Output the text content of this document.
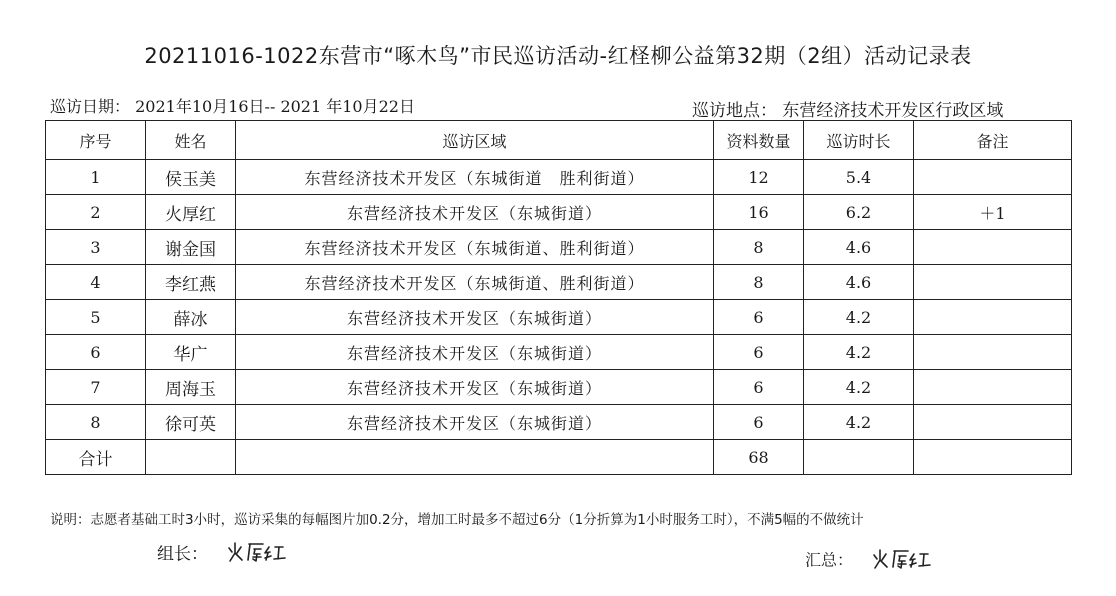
20211016-1022东营市“啄木鸟”市民巡访活动-红柽柳公益第32期（2组）活动记录表
巡访日期： 2021年10月16日-- 2021 年10月22日	巡访地点： 东营经济技术开发区行政区域
序号	姓名	巡访区域	资料数量	巡访时长	备注
1	侯玉美	东营经济技术开发区（东城街道　胜利街道）	12	5.4	
2	火厚红	东营经济技术开发区（东城街道）	16	6.2	＋1
3	谢金国	东营经济技术开发区（东城街道、胜利街道）	8	4.6	
4	李红燕	东营经济技术开发区（东城街道、胜利街道）	8	4.6	
5	薛冰	东营经济技术开发区（东城街道）	6	4.2	
6	华广	东营经济技术开发区（东城街道）	6	4.2	
7	周海玉	东营经济技术开发区（东城街道）	6	4.2	
8	徐可英	东营经济技术开发区（东城街道）	6	4.2	
合计			68		
说明：志愿者基础工时3小时，巡访采集的每幅图片加0.2分，增加工时最多不超过6分（1分折算为1小时服务工时），不满5幅的不做统计
组长：	汇总：
